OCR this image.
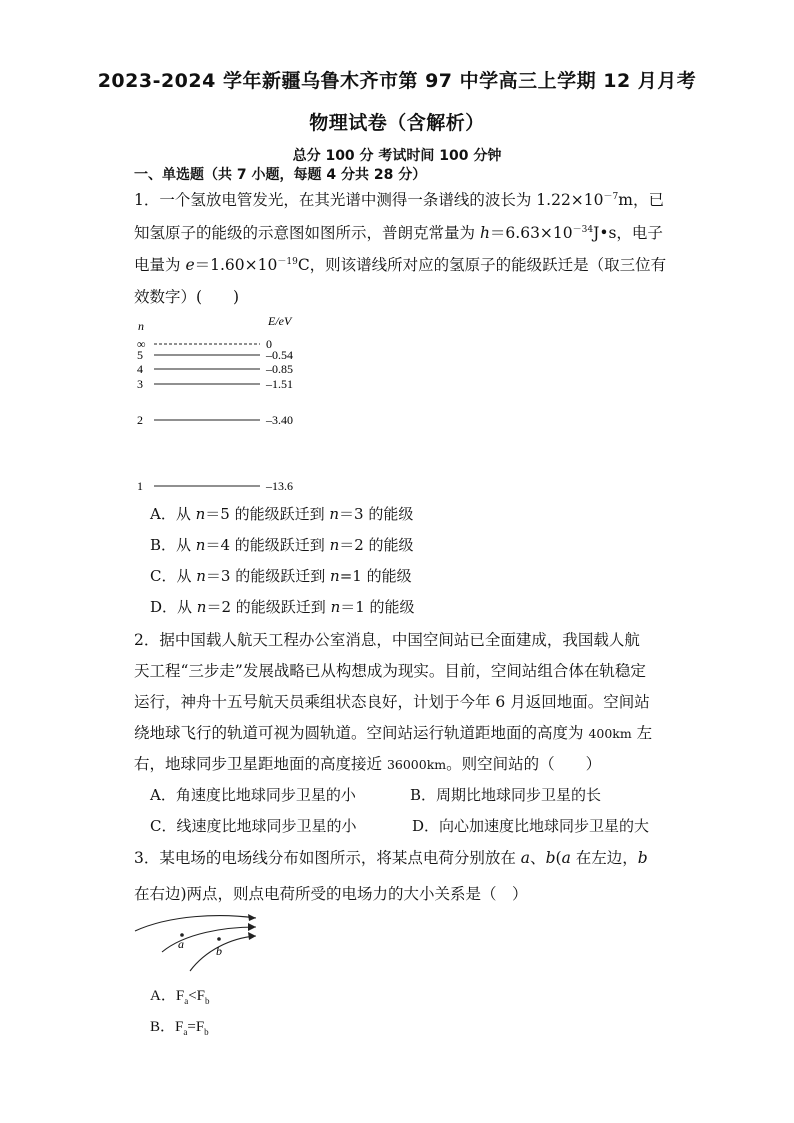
2023-2024 学年新疆乌鲁木齐市第 97 中学高三上学期 12 月月考
物理试卷（含解析）
总分 100 分 考试时间 100 分钟
一、单选题（共 7 小题，每题 4 分共 28 分）
1．一个氢放电管发光，在其光谱中测得一条谱线的波长为 $1.22\times 10^{-7}m$，已
知氢原子的能级的示意图如图所示，普朗克常量为 $h=6.63\times 10^{-34}J•s$，电子
电量为 $e=1.60\times 10^{-19}C$，则该谱线所对应的氢原子的能级跃迁是（取三位有
效数字）(　　)
n	E/eV
∞	0
5	–0.54
4	–0.85
3	–1.51
2	–3.40
1	–13.6
A．从 n＝5 的能级跃迁到 n＝3 的能级
B．从 n＝4 的能级跃迁到 n＝2 的能级
C．从 n＝3 的能级跃迁到 n=1 的能级
D．从 n＝2 的能级跃迁到 n＝1 的能级
2．据中国载人航天工程办公室消息，中国空间站已全面建成，我国载人航
天工程“三步走”发展战略已从构想成为现实。目前，空间站组合体在轨稳定
运行，神舟十五号航天员乘组状态良好，计划于今年 6 月返回地面。空间站
绕地球飞行的轨道可视为圆轨道。空间站运行轨道距地面的高度为 400km 左
右，地球同步卫星距地面的高度接近 36000km。则空间站的（　　）
A．角速度比地球同步卫星的小	B．周期比地球同步卫星的长
C．线速度比地球同步卫星的小	D．向心加速度比地球同步卫星的大
3．某电场的电场线分布如图所示，将某点电荷分别放在 a、b(a 在左边，b
在右边)两点，则点电荷所受的电场力的大小关系是（　）
a	b
A．$F_a<F_b$
B．$F_a=F_b$
